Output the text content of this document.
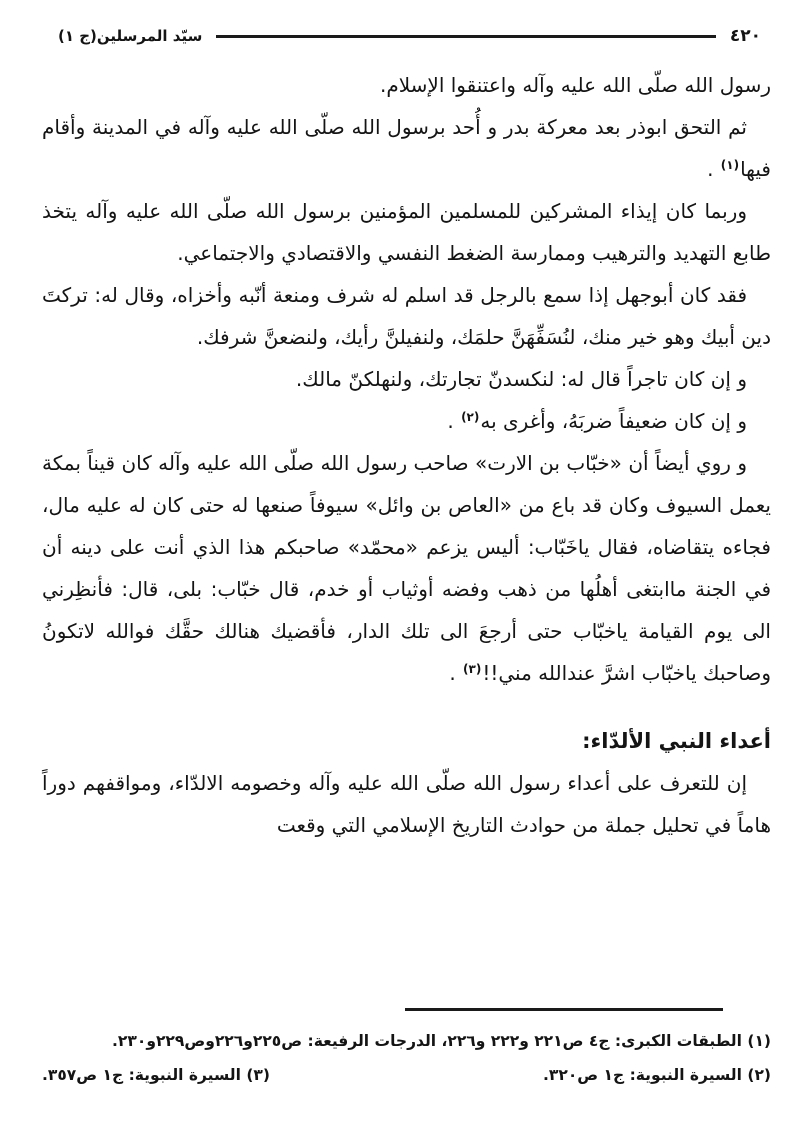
سيّد المرسلين(ج ١)	٤٢٠

رسول الله صلّى الله عليه وآله واعتنقوا الإسلام.

ثم التحق ابوذر بعد معركة بدر و أُحد برسول الله صلّى الله عليه وآله في المدينة وأقام فيها$^{(١)}$ .

وربما كان إيذاء المشركين للمسلمين المؤمنين برسول الله صلّى الله عليه وآله يتخذ طابع التهديد والترهيب وممارسة الضغط النفسي والاقتصادي والاجتماعي.

فقد كان أبوجهل إذا سمع بالرجل قد اسلم له شرف ومنعة أنّبه وأخزاه، وقال له: تركتَ دين أبيك وهو خير منك، لنُسَفِّهَنَّ حلمَك، ولنفيلنَّ رأيك، ولنضعنَّ شرفك.

و إن كان تاجراً قال له: لنكسدنّ تجارتك، ولنهلكنّ مالك.

و إن كان ضعيفاً ضربَهُ، وأغرى به$^{(٢)}$ .

و روي أيضاً أن «خبّاب بن الارت» صاحب رسول الله صلّى الله عليه وآله كان قيناً بمكة يعمل السيوف وكان قد باع من «العاص بن وائل» سيوفاً صنعها له حتى كان له عليه مال، فجاءه يتقاضاه، فقال ياخَبّاب: أليس يزعم «محمّد» صاحبكم هذا الذي أنت على دينه أن في الجنة ماابتغى أهلُها من ذهب وفضه أوثياب أو خدم، قال خبّاب: بلى، قال: فأنظِرني الى يوم القيامة ياخبّاب حتى أرجعَ الى تلك الدار، فأقضيك هنالك حقَّك فوالله لاتكونُ وصاحبك ياخبّاب اشرَّ عندالله مني!!$^{(٣)}$ .

أعداء النبي الألدّاء:

إن للتعرف على أعداء رسول الله صلّى الله عليه وآله وخصومه الالدّاء، ومواقفهم دوراً هاماً في تحليل جملة من حوادث التاريخ الإسلامي التي وقعت

(١) الطبقات الكبرى: ج٤ ص٢٢١ و٢٢٢ و٢٢٦، الدرجات الرفيعة: ص٢٢٥و٢٢٦وص٢٢٩و٢٣٠.

(٢) السيرة النبوية: ج١ ص٣٢٠.

(٣) السيرة النبوية: ج١ ص٣٥٧.
